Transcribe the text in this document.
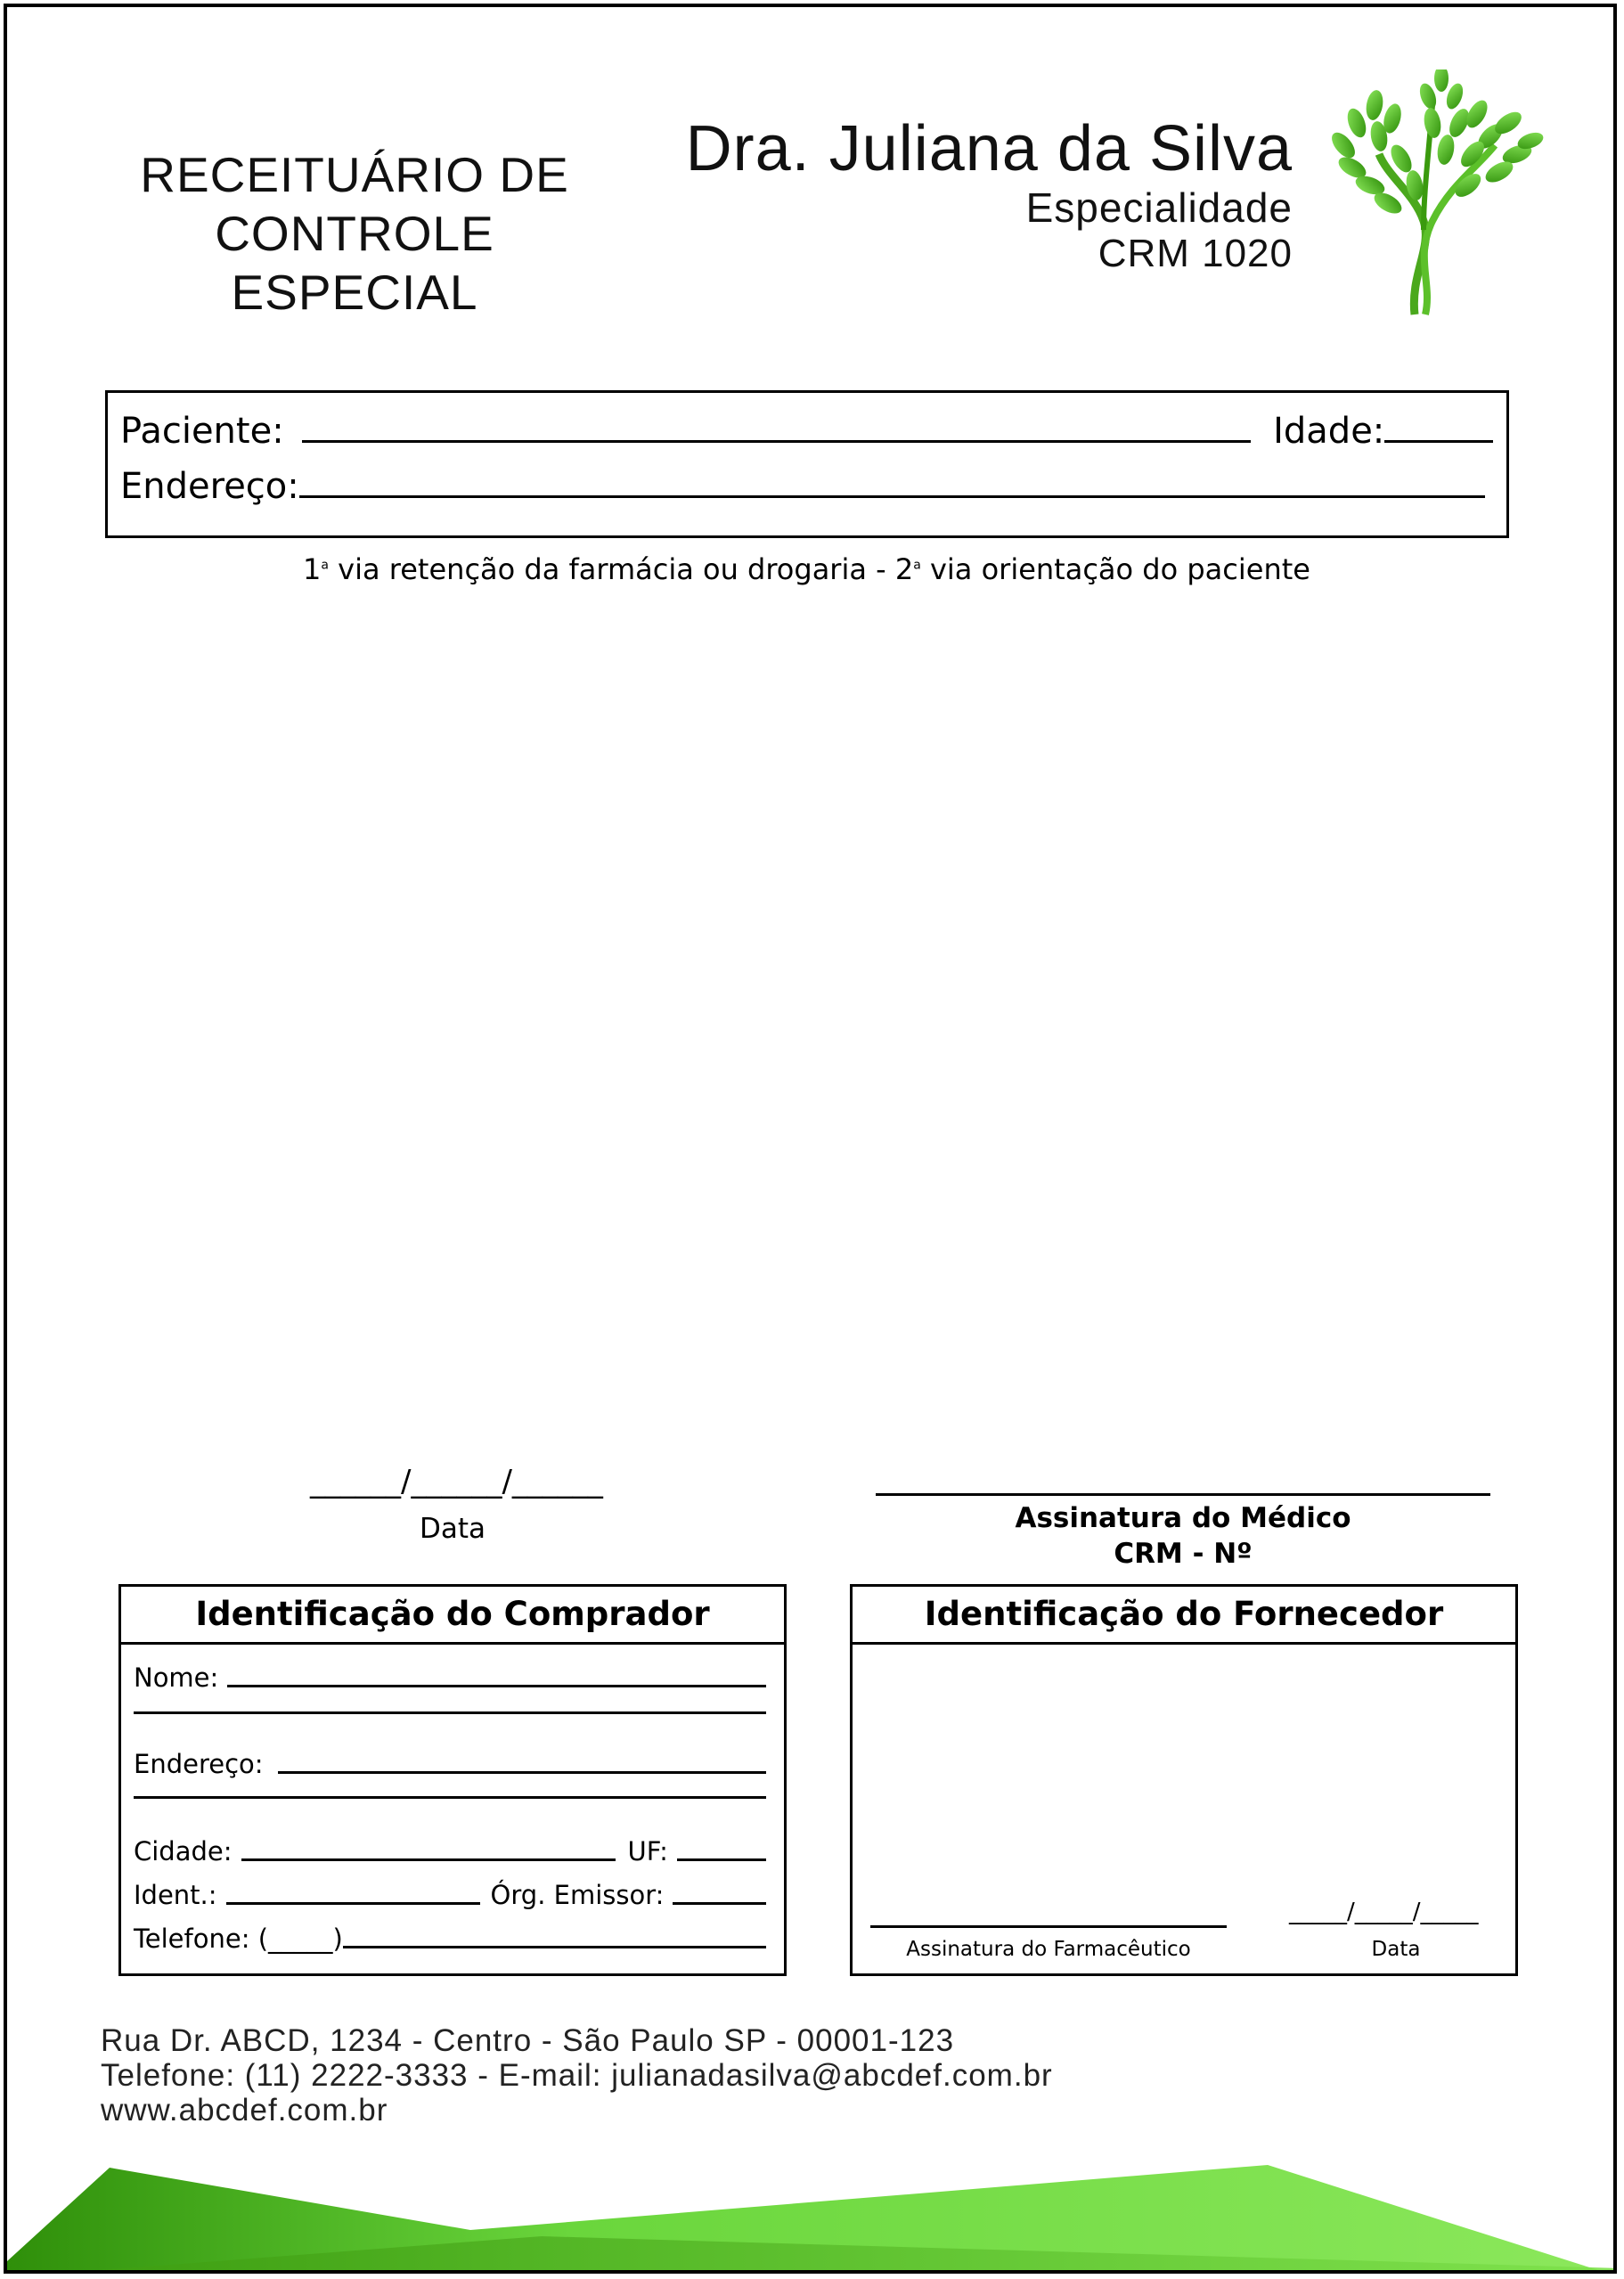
RECEITUÁRIO DE
CONTROLE ESPECIAL
Dra. Juliana da Silva
Especialidade
CRM 1020
Paciente:	Idade:
Endereço:
1$^a$ via retenção da farmácia ou drogaria - 2$^a$ via orientação do paciente
______/______/______
Data	Assinatura do Médico
CRM - Nº
Identificação do Comprador
Nome:
Endereço:
Cidade:	UF:
Ident.:	Órg. Emissor:
Telefone: (_____)
Identificação do Fornecedor
Assinatura do Farmacêutico
_____/_____/_____
Data
Rua Dr. ABCD, 1234 - Centro - São Paulo SP - 00001-123
Telefone: (11) 2222-3333 - E-mail: julianadasilva@abcdef.com.br
www.abcdef.com.br
